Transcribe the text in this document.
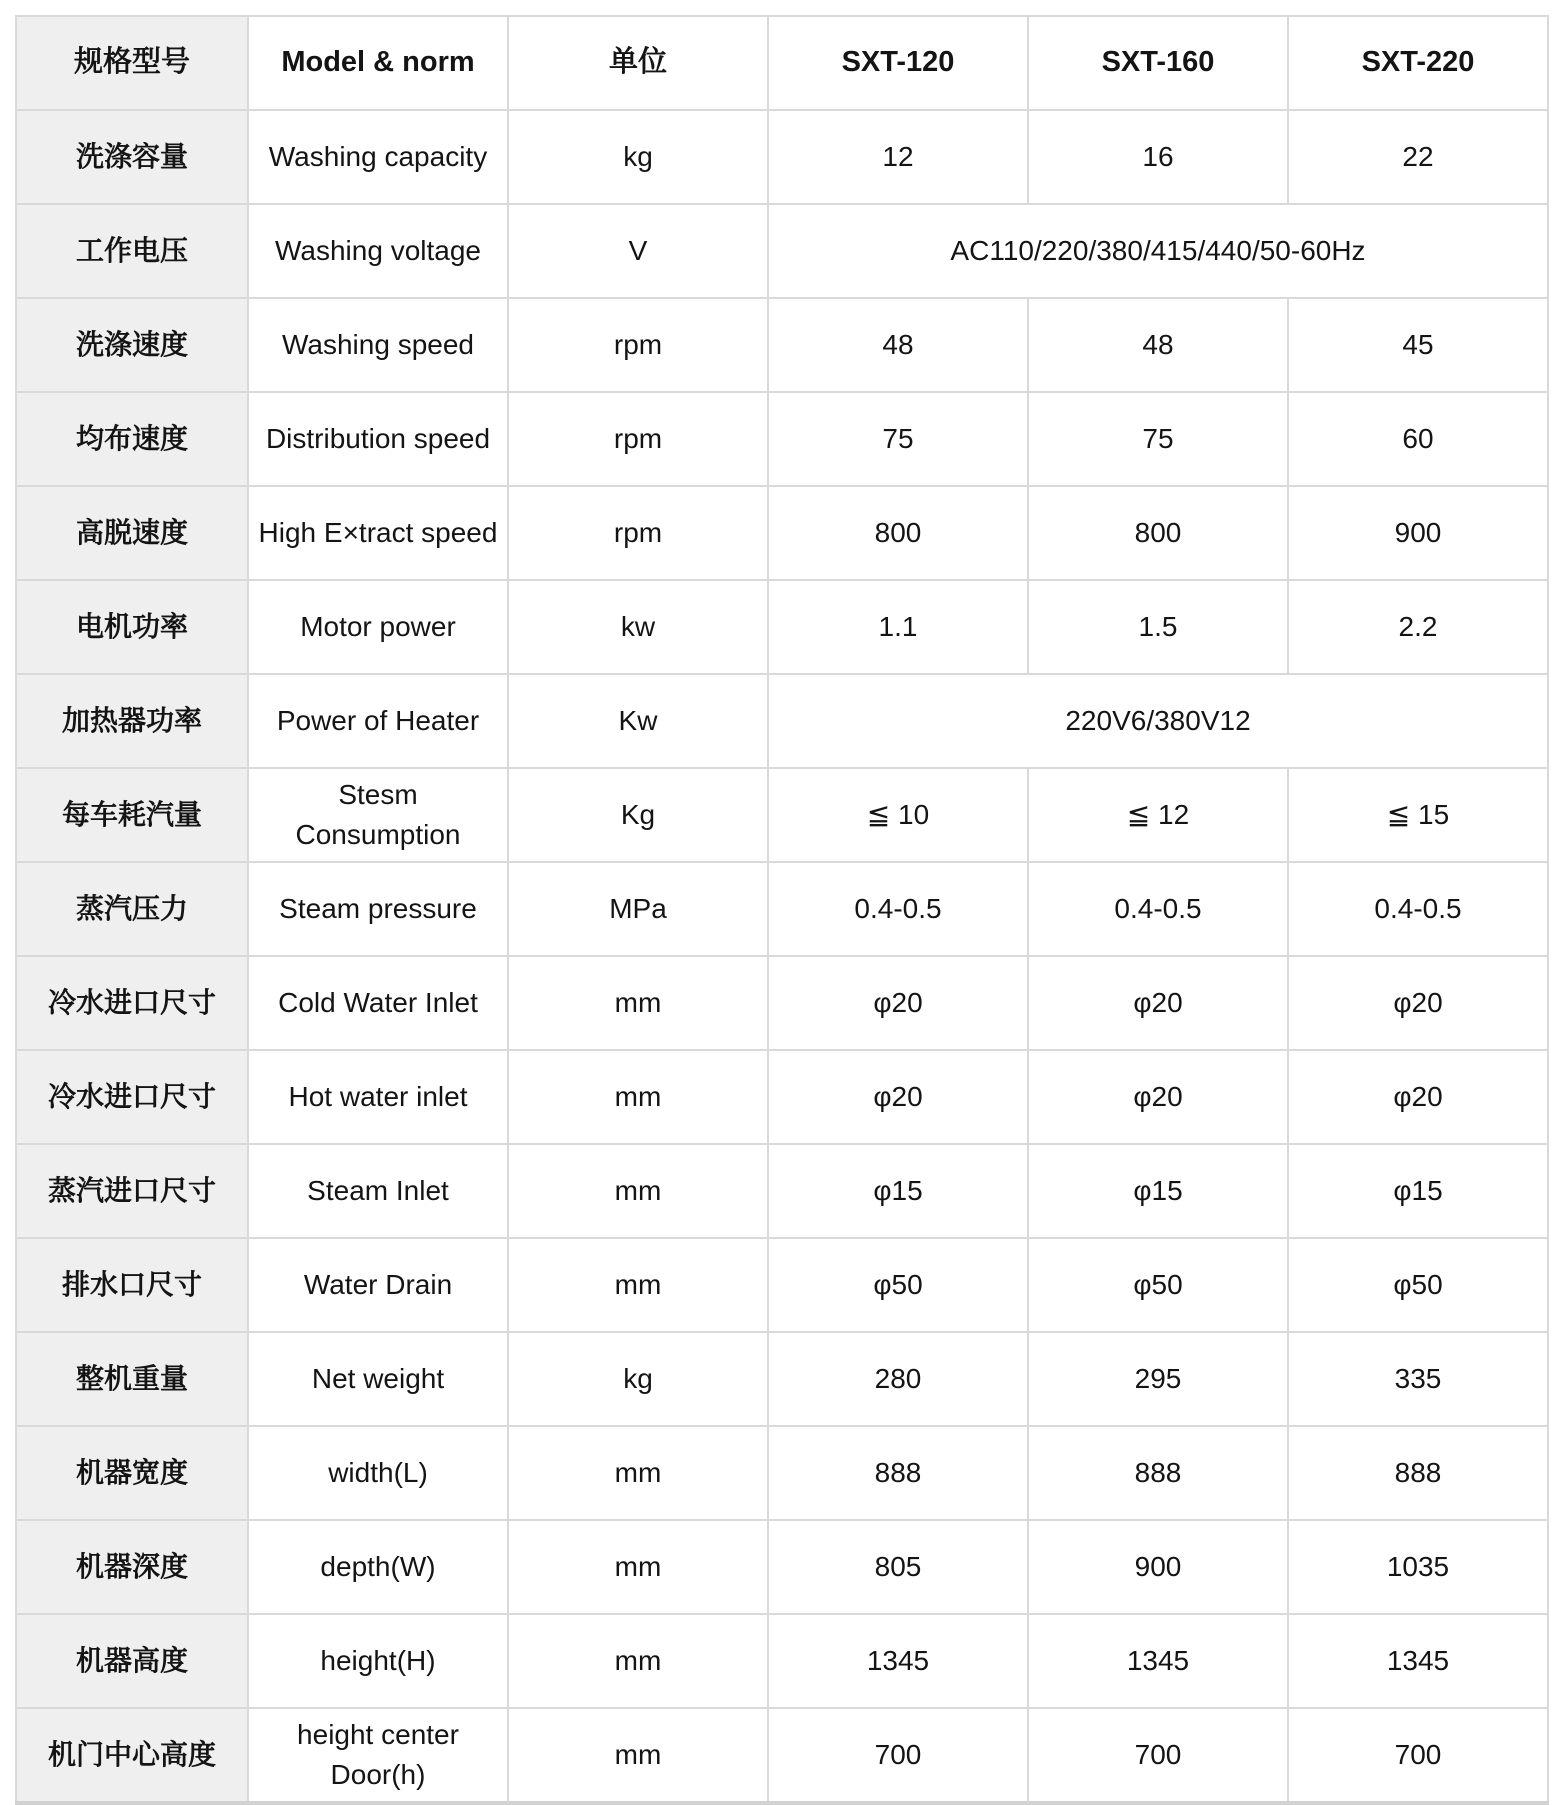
规格型号	Model & norm	单位	SXT-120	SXT-160	SXT-220
洗涤容量	Washing capacity	kg	12	16	22
工作电压	Washing voltage	V	AC110/220/380/415/440/50-60Hz		
洗涤速度	Washing speed	rpm	48	48	45
均布速度	Distribution speed	rpm	75	75	60
高脱速度	High E×tract speed	rpm	800	800	900
电机功率	Motor power	kw	1.1	1.5	2.2
加热器功率	Power of Heater	Kw	220V6/380V12		
每车耗汽量	Stesm Consumption	Kg	≦ 10	≦ 12	≦ 15
蒸汽压力	Steam pressure	MPa	0.4-0.5	0.4-0.5	0.4-0.5
冷水进口尺寸	Cold Water Inlet	mm	φ20	φ20	φ20
冷水进口尺寸	Hot water inlet	mm	φ20	φ20	φ20
蒸汽进口尺寸	Steam Inlet	mm	φ15	φ15	φ15
排水口尺寸	Water Drain	mm	φ50	φ50	φ50
整机重量	Net weight	kg	280	295	335
机器宽度	width(L)	mm	888	888	888
机器深度	depth(W)	mm	805	900	1035
机器高度	height(H)	mm	1345	1345	1345
机门中心高度	height center Door(h)	mm	700	700	700
